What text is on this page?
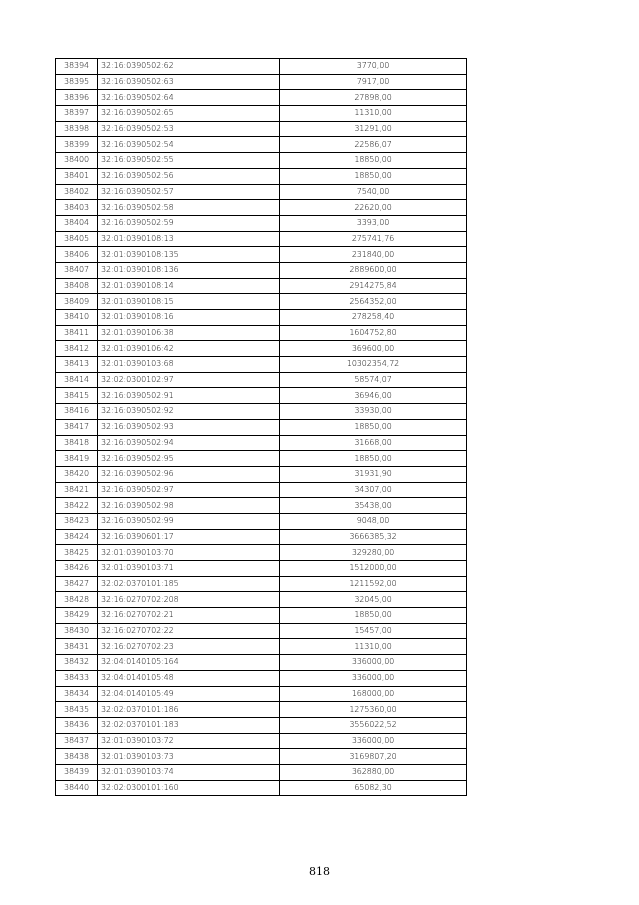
38394	32:16:0390502:62	3770,00
38395	32:16:0390502:63	7917,00
38396	32:16:0390502:64	27898,00
38397	32:16:0390502:65	11310,00
38398	32:16:0390502:53	31291,00
38399	32:16:0390502:54	22586,07
38400	32:16:0390502:55	18850,00
38401	32:16:0390502:56	18850,00
38402	32:16:0390502:57	7540,00
38403	32:16:0390502:58	22620,00
38404	32:16:0390502:59	3393,00
38405	32:01:0390108:13	275741,76
38406	32:01:0390108:135	231840,00
38407	32:01:0390108:136	2889600,00
38408	32:01:0390108:14	2914275,84
38409	32:01:0390108:15	2564352,00
38410	32:01:0390108:16	278258,40
38411	32:01:0390106:38	1604752,80
38412	32:01:0390106:42	369600,00
38413	32:01:0390103:68	10302354,72
38414	32:02:0300102:97	58574,07
38415	32:16:0390502:91	36946,00
38416	32:16:0390502:92	33930,00
38417	32:16:0390502:93	18850,00
38418	32:16:0390502:94	31668,00
38419	32:16:0390502:95	18850,00
38420	32:16:0390502:96	31931,90
38421	32:16:0390502:97	34307,00
38422	32:16:0390502:98	35438,00
38423	32:16:0390502:99	9048,00
38424	32:16:0390601:17	3666385,32
38425	32:01:0390103:70	329280,00
38426	32:01:0390103:71	1512000,00
38427	32:02:0370101:185	1211592,00
38428	32:16:0270702:208	32045,00
38429	32:16:0270702:21	18850,00
38430	32:16:0270702:22	15457,00
38431	32:16:0270702:23	11310,00
38432	32:04:0140105:164	336000,00
38433	32:04:0140105:48	336000,00
38434	32:04:0140105:49	168000,00
38435	32:02:0370101:186	1275360,00
38436	32:02:0370101:183	3556022,52
38437	32:01:0390103:72	336000,00
38438	32:01:0390103:73	3169807,20
38439	32:01:0390103:74	362880,00
38440	32:02:0300101:160	65082,30
818
